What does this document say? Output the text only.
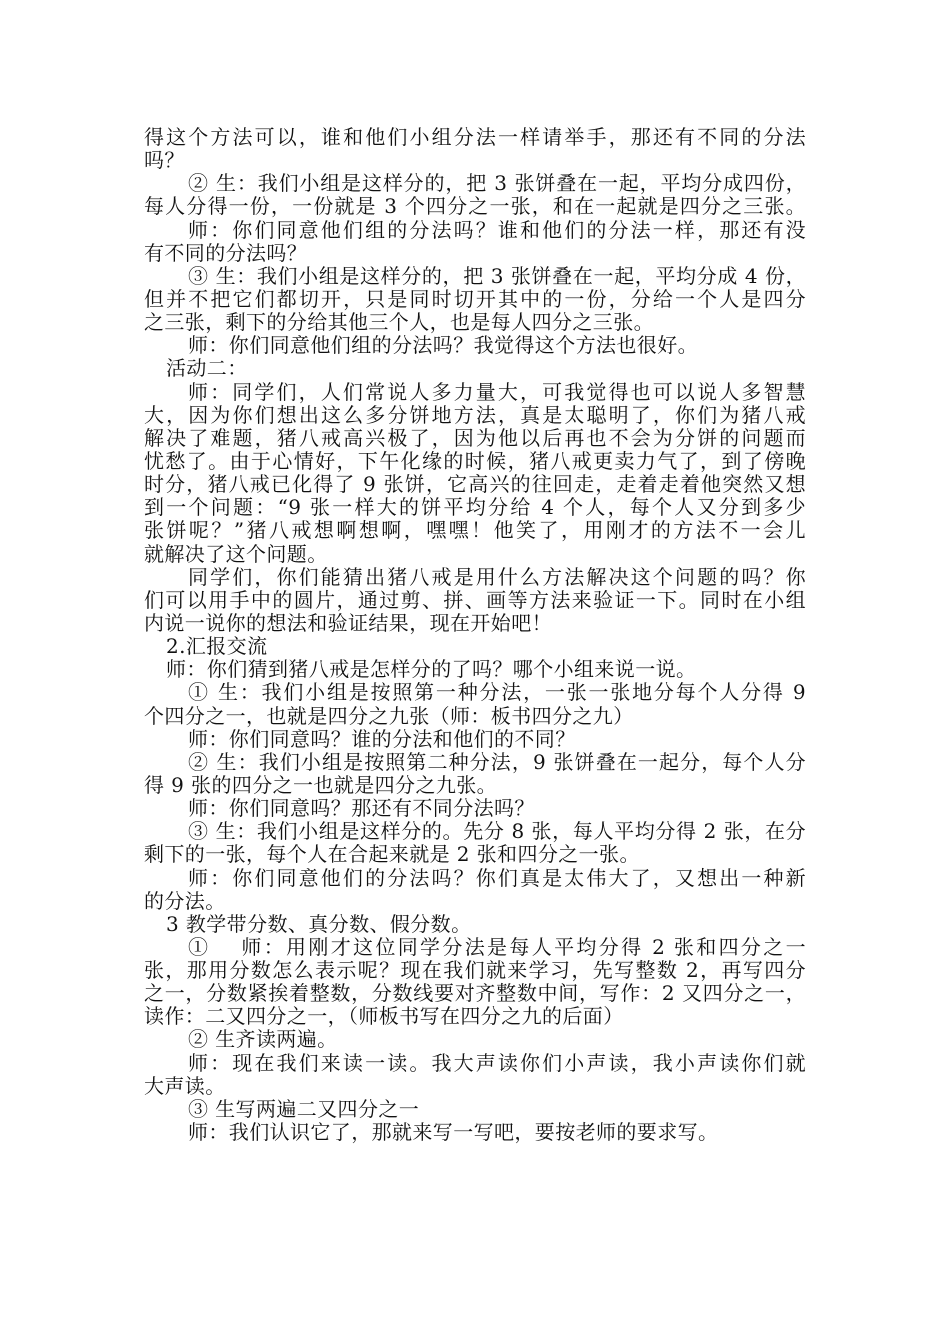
得这个方法可以，谁和他们小组分法一样请举手，那还有不同的分法
吗？
② 生：我们小组是这样分的，把 3 张饼叠在一起，平均分成四份，
每人分得一份，一份就是 3 个四分之一张，和在一起就是四分之三张。
师：你们同意他们组的分法吗？谁和他们的分法一样，那还有没
有不同的分法吗？
③ 生：我们小组是这样分的，把 3 张饼叠在一起，平均分成 4 份，
但并不把它们都切开，只是同时切开其中的一份，分给一个人是四分
之三张，剩下的分给其他三个人，也是每人四分之三张。
师：你们同意他们组的分法吗？我觉得这个方法也很好。
活动二：
师：同学们，人们常说人多力量大，可我觉得也可以说人多智慧
大，因为你们想出这么多分饼地方法，真是太聪明了，你们为猪八戒
解决了难题，猪八戒高兴极了，因为他以后再也不会为分饼的问题而
忧愁了。由于心情好，下午化缘的时候，猪八戒更卖力气了，到了傍晚
时分，猪八戒已化得了 9 张饼，它高兴的往回走，走着走着他突然又想
到一个问题：“9 张一样大的饼平均分给 4 个人，每个人又分到多少
张饼呢？”猪八戒想啊想啊，嘿嘿！他笑了，用刚才的方法不一会儿
就解决了这个问题。
同学们，你们能猜出猪八戒是用什么方法解决这个问题的吗？你
们可以用手中的圆片，通过剪、拼、画等方法来验证一下。同时在小组
内说一说你的想法和验证结果，现在开始吧！
2.汇报交流
师：你们猜到猪八戒是怎样分的了吗？哪个小组来说一说。
① 生：我们小组是按照第一种分法，一张一张地分每个人分得 9
个四分之一，也就是四分之九张（师：板书四分之九）
师：你们同意吗？谁的分法和他们的不同？
② 生：我们小组是按照第二种分法，9 张饼叠在一起分，每个人分
得 9 张的四分之一也就是四分之九张。
师：你们同意吗？那还有不同分法吗？
③ 生：我们小组是这样分的。先分 8 张，每人平均分得 2 张，在分
剩下的一张，每个人在合起来就是 2 张和四分之一张。
师：你们同意他们的分法吗？你们真是太伟大了，又想出一种新
的分法。
3 教学带分数、真分数、假分数。
①　 师：用刚才这位同学分法是每人平均分得 2 张和四分之一
张，那用分数怎么表示呢？现在我们就来学习，先写整数 2，再写四分
之一，分数紧挨着整数，分数线要对齐整数中间，写作：2 又四分之一，
读作：二又四分之一，（师板书写在四分之九的后面）
② 生齐读两遍。
师：现在我们来读一读。我大声读你们小声读，我小声读你们就
大声读。
③ 生写两遍二又四分之一
师：我们认识它了，那就来写一写吧，要按老师的要求写。
